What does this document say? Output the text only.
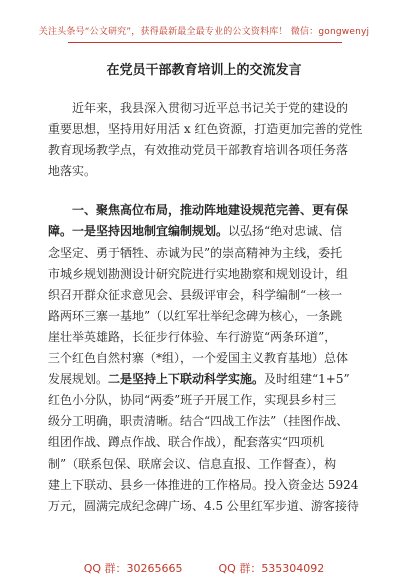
关注头条号“公文研究”，获得最新最全最专业的公文资料库！ 微信：gongwenyj
在党员干部教育培训上的交流发言
近年来，我县深入贯彻习近平总书记关于党的建设的
重要思想，坚持用好用活 x 红色资源，打造更加完善的党性
教育现场教学点，有效推动党员干部教育培训各项任务落
地落实。
一、聚焦高位布局，推动阵地建设规范完善、更有保
障。一是坚持因地制宜编制规划。以弘扬“绝对忠诚、信
念坚定、勇于牺牲、赤诚为民”的崇高精神为主线，委托
市城乡规划勘测设计研究院进行实地勘察和规划设计，组
织召开群众征求意见会、县级评审会，科学编制“一核一
路两环三寨一基地”（以红军壮举纪念碑为核心，一条跳
崖壮举英雄路，长征步行体验、车行游览“两条环道”，
三个红色自然村寨（*组），一个爱国主义教育基地）总体
发展规划。二是坚持上下联动科学实施。及时组建“1+5”
红色小分队，协同“两委”班子开展工作，实现县乡村三
级分工明确，职责清晰。结合“四战工作法”（挂图作战、
组团作战、蹲点作战、联合作战），配套落实“四项机
制”（联系包保、联席会议、信息直报、工作督查），构
建上下联动、县乡一体推进的工作格局。投入资金达 5924
万元，圆满完成纪念碑广场、4.5 公里红军步道、游客接待
QQ 群：30265665	QQ 群：535304092
